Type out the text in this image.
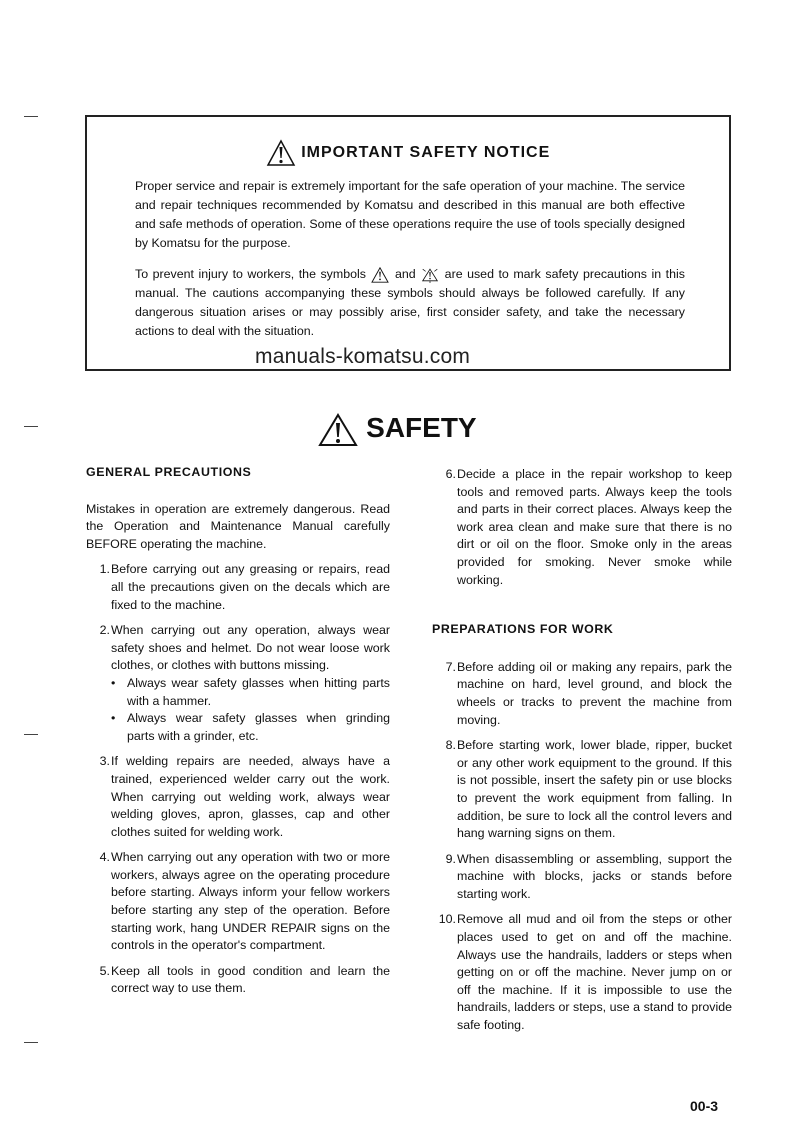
IMPORTANT SAFETY NOTICE
Proper service and repair is extremely important for the safe operation of your machine. The service and repair techniques recommended by Komatsu and described in this manual are both effective and safe methods of operation. Some of these operations require the use of tools specially designed by Komatsu for the purpose.
To prevent injury to workers, the symbols and are used to mark safety precautions in this manual. The cautions accompanying these symbols should always be followed carefully. If any dangerous situation arises or may possibly arise, first consider safety, and take the necessary actions to deal with the situation.
manuals-komatsu.com
SAFETY
GENERAL PRECAUTIONS
Mistakes in operation are extremely dangerous. Read the Operation and Maintenance Manual carefully BEFORE operating the machine.
1. Before carrying out any greasing or repairs, read all the precautions given on the decals which are fixed to the machine.
2. When carrying out any operation, always wear safety shoes and helmet. Do not wear loose work clothes, or clothes with buttons missing.
• Always wear safety glasses when hitting parts with a hammer.
• Always wear safety glasses when grinding parts with a grinder, etc.
3. If welding repairs are needed, always have a trained, experienced welder carry out the work. When carrying out welding work, always wear welding gloves, apron, glasses, cap and other clothes suited for welding work.
4. When carrying out any operation with two or more workers, always agree on the operating procedure before starting. Always inform your fellow workers before starting any step of the operation. Before starting work, hang UNDER REPAIR signs on the controls in the operator's compartment.
5. Keep all tools in good condition and learn the correct way to use them.
6. Decide a place in the repair workshop to keep tools and removed parts. Always keep the tools and parts in their correct places. Always keep the work area clean and make sure that there is no dirt or oil on the floor. Smoke only in the areas provided for smoking. Never smoke while working.
PREPARATIONS FOR WORK
7. Before adding oil or making any repairs, park the machine on hard, level ground, and block the wheels or tracks to prevent the machine from moving.
8. Before starting work, lower blade, ripper, bucket or any other work equipment to the ground. If this is not possible, insert the safety pin or use blocks to prevent the work equipment from falling. In addition, be sure to lock all the control levers and hang warning signs on them.
9. When disassembling or assembling, support the machine with blocks, jacks or stands before starting work.
10. Remove all mud and oil from the steps or other places used to get on and off the machine. Always use the handrails, ladders or steps when getting on or off the machine. Never jump on or off the machine. If it is impossible to use the handrails, ladders or steps, use a stand to provide safe footing.
00-3
